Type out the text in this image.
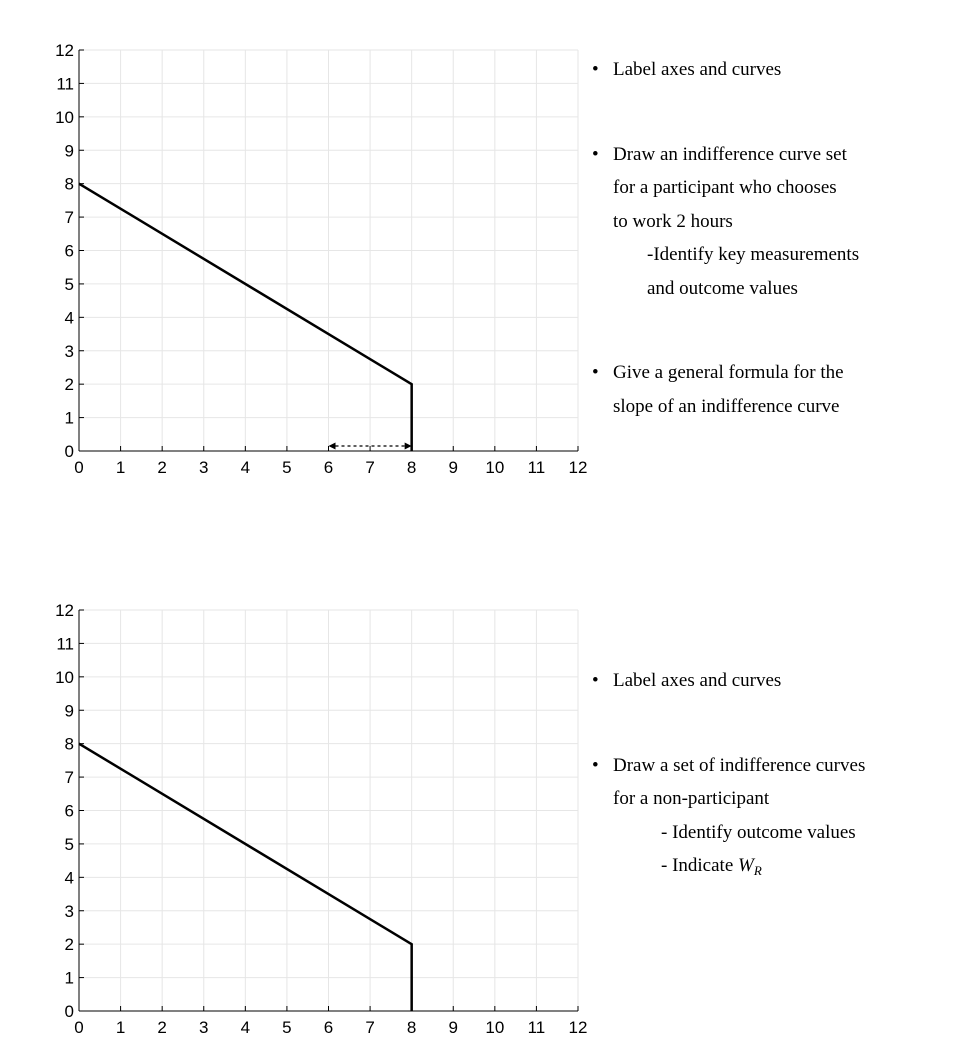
0 1 2 3 4 5 6 7 8 9 10 11 12
0
1
2
3
4
5
6
7
8
9
10
11
12
0 1 2 3 4 5 6 7 8 9 10 11 12
0
1
2
3
4
5
6
7
8
9
10
11
12
• Label axes and curves
• Draw an indifference curve set
for a participant who chooses
to work 2 hours
-Identify key measurements
and outcome values
• Give a general formula for the
slope of an indifference curve
• Label axes and curves
• Draw a set of indifference curves
for a non-participant
- Identify outcome values
- Indicate $W_R$
